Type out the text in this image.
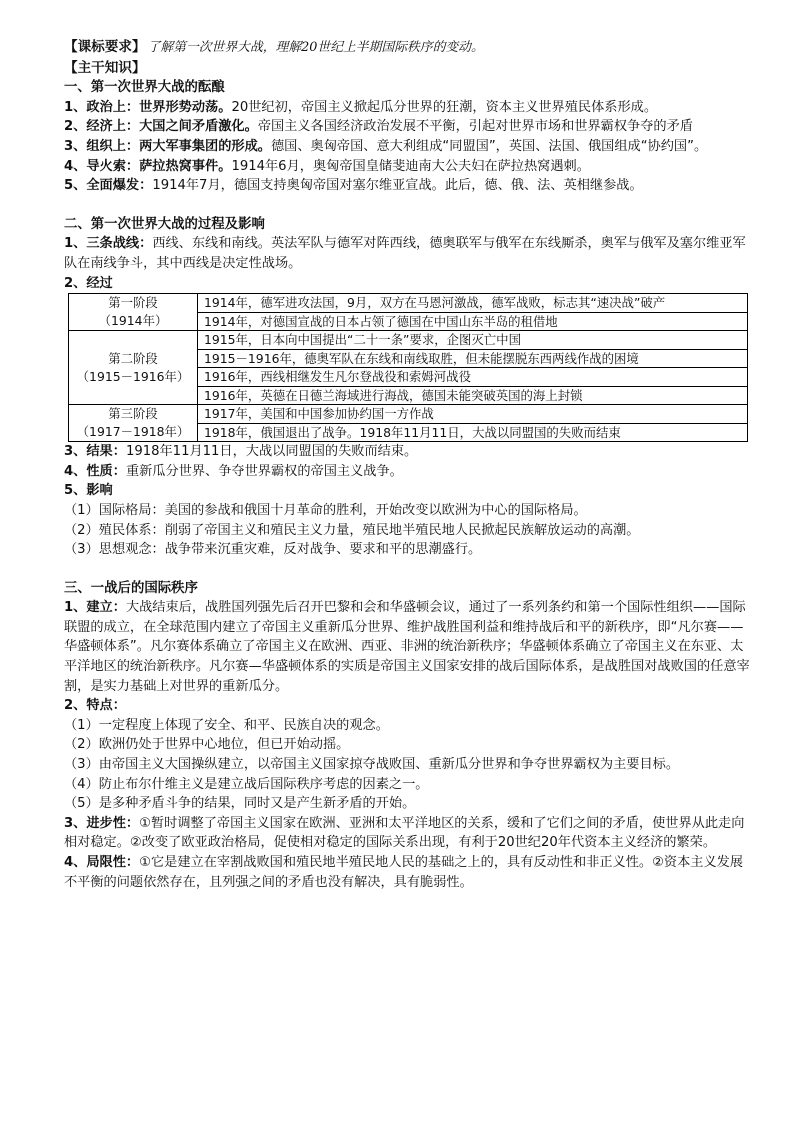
【课标要求】 了解第一次世界大战，理解20世纪上半期国际秩序的变动。
【主干知识】

一、第一次世界大战的酝酿

1、政治上：世界形势动荡。20世纪初，帝国主义掀起瓜分世界的狂潮，资本主义世界殖民体系形成。

2、经济上：大国之间矛盾激化。帝国主义各国经济政治发展不平衡，引起对世界市场和世界霸权争夺的矛盾

3、组织上：两大军事集团的形成。德国、奥匈帝国、意大利组成“同盟国”，英国、法国、俄国组成“协约国”。

4、导火索：萨拉热窝事件。1914年6月，奥匈帝国皇储斐迪南大公夫妇在萨拉热窝遇刺。

5、全面爆发：1914年7月，德国支持奥匈帝国对塞尔维亚宣战。此后，德、俄、法、英相继参战。

二、第一次世界大战的过程及影响

1、三条战线：西线、东线和南线。英法军队与德军对阵西线，德奥联军与俄军在东线厮杀，奥军与俄军及塞尔维亚军队在南线争斗，其中西线是决定性战场。

2、经过

第一阶段
（1914年）	1914年，德军进攻法国，9月，双方在马恩河激战，德军战败，标志其“速决战”破产
	1914年，对德国宣战的日本占领了德国在中国山东半岛的租借地

第二阶段
（1915－1916年）	1915年，日本向中国提出“二十一条”要求，企图灭亡中国
	1915－1916年，德奥军队在东线和南线取胜，但未能摆脱东西两线作战的困境
	1916年，西线相继发生凡尔登战役和索姆河战役
	1916年，英德在日德兰海域进行海战，德国未能突破英国的海上封锁

第三阶段
（1917－1918年）	1917年，美国和中国参加协约国一方作战
	1918年，俄国退出了战争。1918年11月11日，大战以同盟国的失败而结束

3、结果：1918年11月11日，大战以同盟国的失败而结束。

4、性质：重新瓜分世界、争夺世界霸权的帝国主义战争。

5、影响

（1）国际格局：美国的参战和俄国十月革命的胜利，开始改变以欧洲为中心的国际格局。

（2）殖民体系：削弱了帝国主义和殖民主义力量，殖民地半殖民地人民掀起民族解放运动的高潮。

（3）思想观念：战争带来沉重灾难，反对战争、要求和平的思潮盛行。

三、一战后的国际秩序

1、建立：大战结束后，战胜国列强先后召开巴黎和会和华盛顿会议，通过了一系列条约和第一个国际性组织——国际联盟的成立，在全球范围内建立了帝国主义重新瓜分世界、维护战胜国利益和维持战后和平的新秩序，即“凡尔赛——华盛顿体系”。凡尔赛体系确立了帝国主义在欧洲、西亚、非洲的统治新秩序；华盛顿体系确立了帝国主义在东亚、太平洋地区的统治新秩序。凡尔赛—华盛顿体系的实质是帝国主义国家安排的战后国际体系，是战胜国对战败国的任意宰割，是实力基础上对世界的重新瓜分。

2、特点：

（1）一定程度上体现了安全、和平、民族自决的观念。

（2）欧洲仍处于世界中心地位，但已开始动摇。

（3）由帝国主义大国操纵建立，以帝国主义国家掠夺战败国、重新瓜分世界和争夺世界霸权为主要目标。

（4）防止布尔什维主义是建立战后国际秩序考虑的因素之一。

（5）是多种矛盾斗争的结果，同时又是产生新矛盾的开始。

3、进步性：①暂时调整了帝国主义国家在欧洲、亚洲和太平洋地区的关系，缓和了它们之间的矛盾，使世界从此走向相对稳定。②改变了欧亚政治格局，促使相对稳定的国际关系出现，有利于20世纪20年代资本主义经济的繁荣。

4、局限性：①它是建立在宰割战败国和殖民地半殖民地人民的基础之上的，具有反动性和非正义性。②资本主义发展不平衡的问题依然存在，且列强之间的矛盾也没有解决，具有脆弱性。
